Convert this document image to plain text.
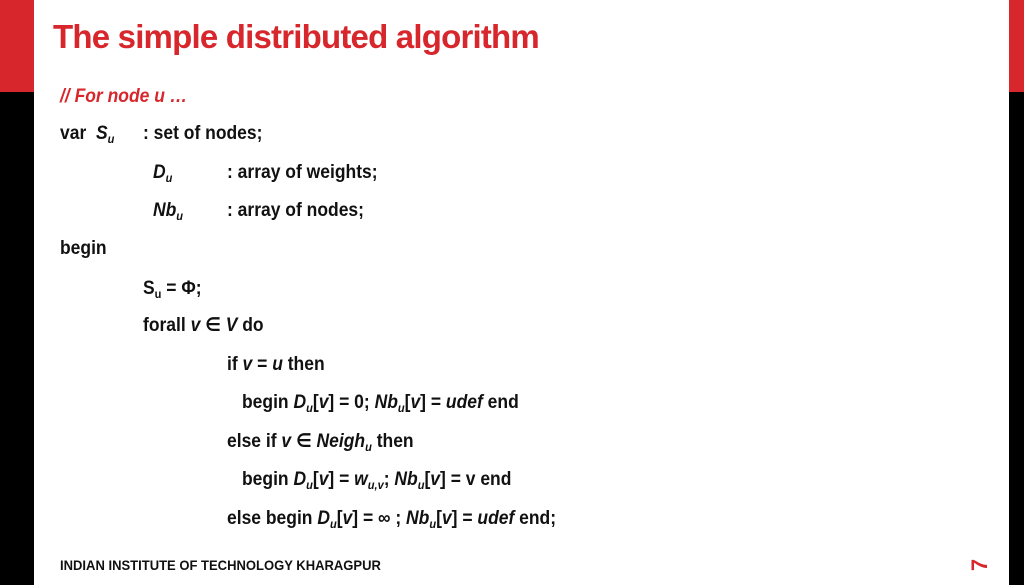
The simple distributed algorithm
// For node u …
var $S_u$ : set of nodes;
$D_u$	: array of weights;
$Nb_u$ : array of nodes;
begin
$S_u = \Phi$;
forall v ∈ V do
if v = u then
begin $D_u[v] = 0$; $Nb_u[v]$ = udef end
else if v ∈ Neigh$_u$ then
begin $D_u[v] = w_{u,v}$; $Nb_u[v] = v$ end
else begin $D_u[v]$ = ∞ ; $Nb_u[v]$ = udef end;
INDIAN INSTITUTE OF TECHNOLOGY KHARAGPUR	7
